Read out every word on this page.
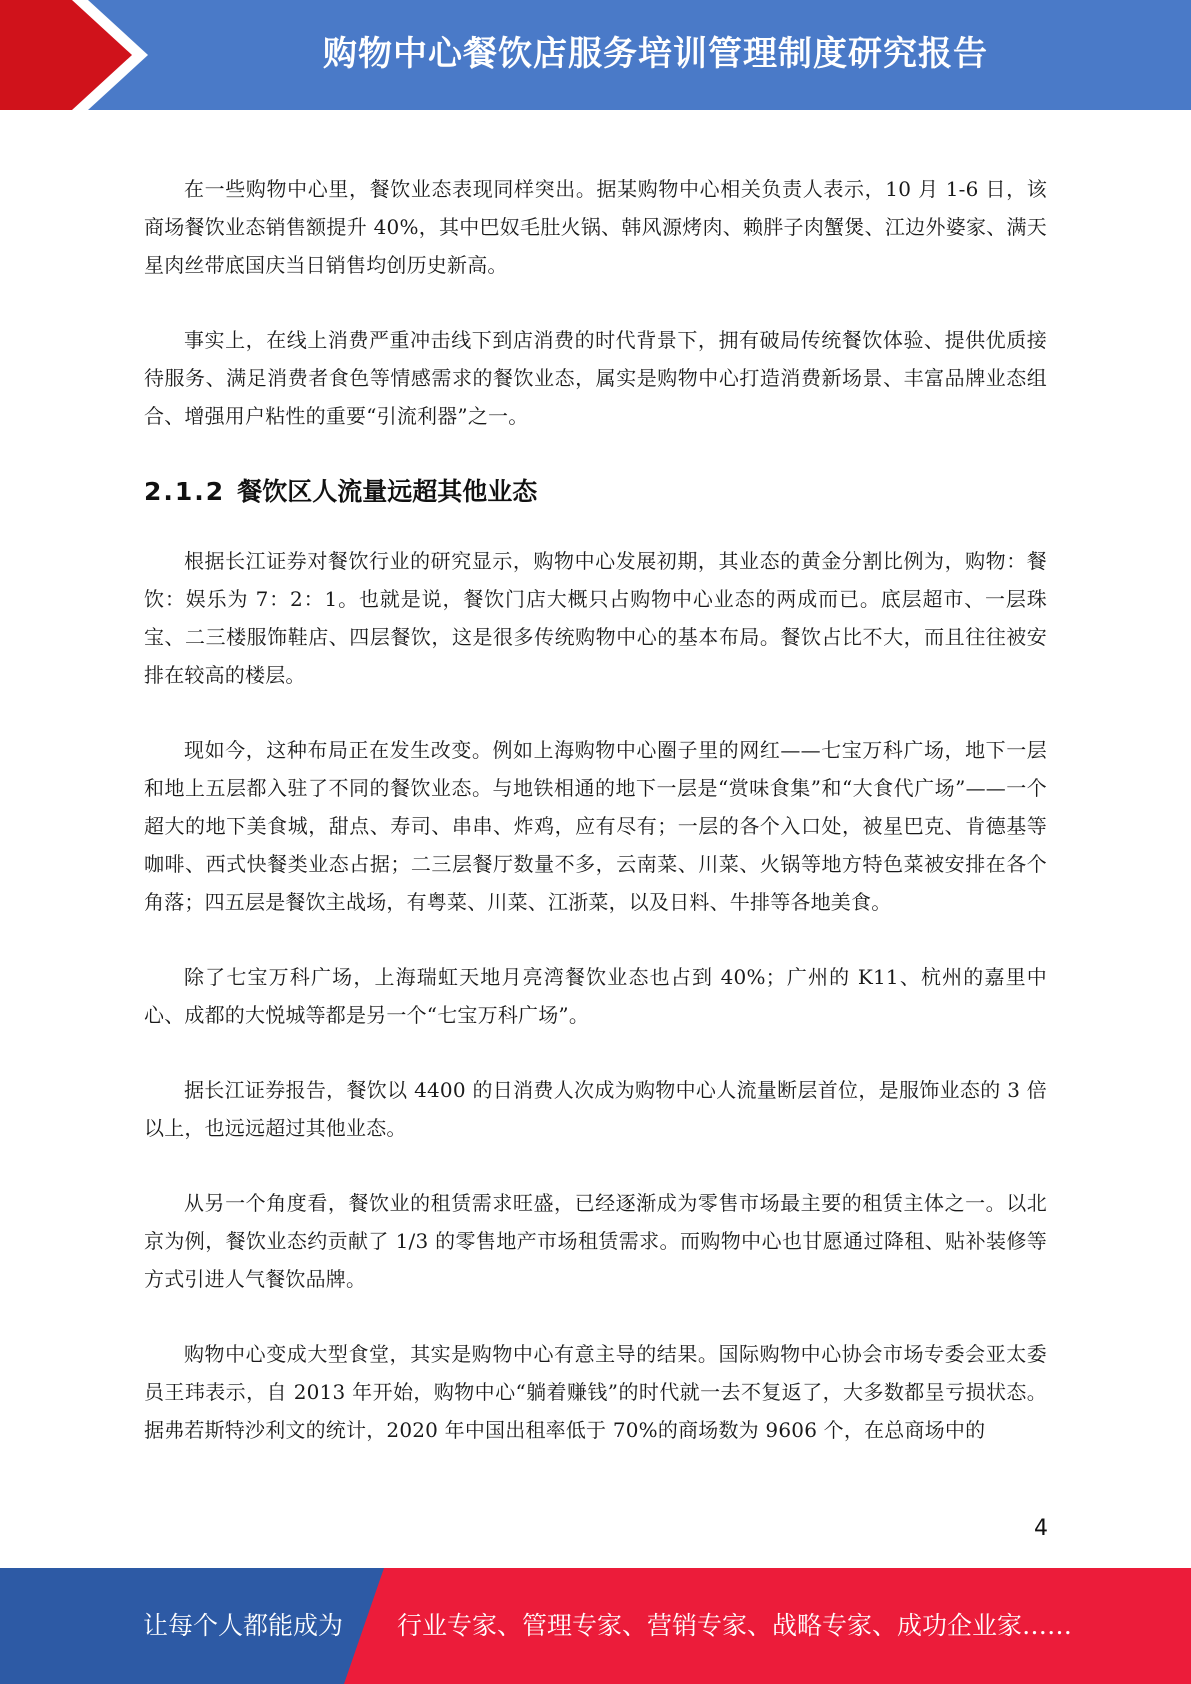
购物中心餐饮店服务培训管理制度研究报告

在一些购物中心里，餐饮业态表现同样突出。据某购物中心相关负责人表示，10 月 1-6 日，该商场餐饮业态销售额提升 40%，其中巴奴毛肚火锅、韩风源烤肉、赖胖子肉蟹煲、江边外婆家、满天星肉丝带底国庆当日销售均创历史新高。

事实上，在线上消费严重冲击线下到店消费的时代背景下，拥有破局传统餐饮体验、提供优质接待服务、满足消费者食色等情感需求的餐饮业态，属实是购物中心打造消费新场景、丰富品牌业态组合、增强用户粘性的重要“引流利器”之一。

2.1.2 餐饮区人流量远超其他业态

根据长江证券对餐饮行业的研究显示，购物中心发展初期，其业态的黄金分割比例为，购物：餐饮：娱乐为 7：2：1。也就是说，餐饮门店大概只占购物中心业态的两成而已。底层超市、一层珠宝、二三楼服饰鞋店、四层餐饮，这是很多传统购物中心的基本布局。餐饮占比不大，而且往往被安排在较高的楼层。

现如今，这种布局正在发生改变。例如上海购物中心圈子里的网红——七宝万科广场，地下一层和地上五层都入驻了不同的餐饮业态。与地铁相通的地下一层是“赏味食集”和“大食代广场”——一个超大的地下美食城，甜点、寿司、串串、炸鸡，应有尽有；一层的各个入口处，被星巴克、肯德基等咖啡、西式快餐类业态占据；二三层餐厅数量不多，云南菜、川菜、火锅等地方特色菜被安排在各个角落；四五层是餐饮主战场，有粤菜、川菜、江浙菜，以及日料、牛排等各地美食。

除了七宝万科广场，上海瑞虹天地月亮湾餐饮业态也占到 40%；广州的 K11、杭州的嘉里中心、成都的大悦城等都是另一个“七宝万科广场”。

据长江证券报告，餐饮以 4400 的日消费人次成为购物中心人流量断层首位，是服饰业态的 3 倍以上，也远远超过其他业态。

从另一个角度看，餐饮业的租赁需求旺盛，已经逐渐成为零售市场最主要的租赁主体之一。以北京为例，餐饮业态约贡献了 1/3 的零售地产市场租赁需求。而购物中心也甘愿通过降租、贴补装修等方式引进人气餐饮品牌。

购物中心变成大型食堂，其实是购物中心有意主导的结果。国际购物中心协会市场专委会亚太委员王玮表示，自 2013 年开始，购物中心“躺着赚钱”的时代就一去不复返了，大多数都呈亏损状态。据弗若斯特沙利文的统计，2020 年中国出租率低于 70%的商场数为 9606 个，在总商场中的

4
让每个人都能成为 行业专家、管理专家、营销专家、战略专家、成功企业家……
